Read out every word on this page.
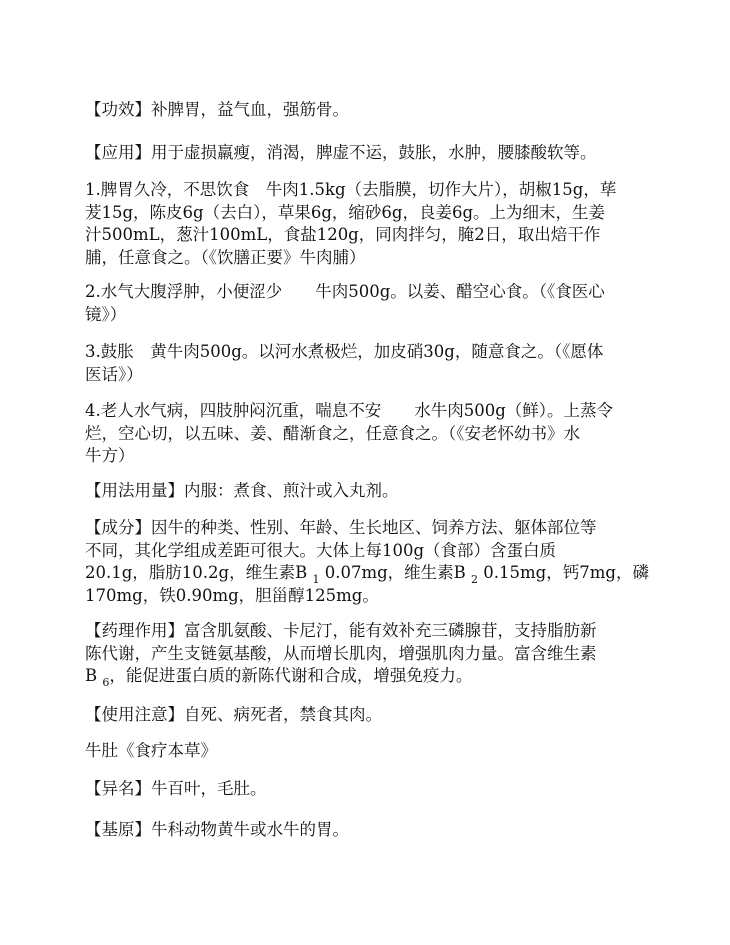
【功效】补脾胃，益气血，强筋骨。

【应用】用于虚损羸瘦，消渴，脾虚不运，鼓胀，水肿，腰膝酸软等。

1.脾胃久冷，不思饮食　牛肉1.5kg（去脂膜，切作大片），胡椒15g，荜
茇15g，陈皮6g（去白），草果6g，缩砂6g，良姜6g。上为细末，生姜
汁500mL，葱汁100mL，食盐120g，同肉拌匀，腌2日，取出焙干作
脯，任意食之。（《饮膳正要》牛肉脯）

2.水气大腹浮肿，小便涩少　　牛肉500g。以姜、醋空心食。（《食医心
镜》）

3.鼓胀　黄牛肉500g。以河水煮极烂，加皮硝30g，随意食之。（《愿体
医话》）

4.老人水气病，四肢肿闷沉重，喘息不安　　水牛肉500g（鲜）。上蒸令
烂，空心切，以五味、姜、醋渐食之，任意食之。（《安老怀幼书》水
牛方）

【用法用量】内服：煮食、煎汁或入丸剂。

【成分】因牛的种类、性别、年龄、生长地区、饲养方法、躯体部位等
不同，其化学组成差距可很大。大体上每100g（食部）含蛋白质
20.1g，脂肪10.2g，维生素B $_1$ 0.07mg，维生素B $_2$ 0.15mg，钙7mg，磷
170mg，铁0.90mg，胆甾醇125mg。

【药理作用】富含肌氨酸、卡尼汀，能有效补充三磷腺苷，支持脂肪新
陈代谢，产生支链氨基酸，从而增长肌肉，增强肌肉力量。富含维生素
B $_6$，能促进蛋白质的新陈代谢和合成，增强免疫力。

【使用注意】自死、病死者，禁食其肉。

牛肚《食疗本草》

【异名】牛百叶，毛肚。

【基原】牛科动物黄牛或水牛的胃。
